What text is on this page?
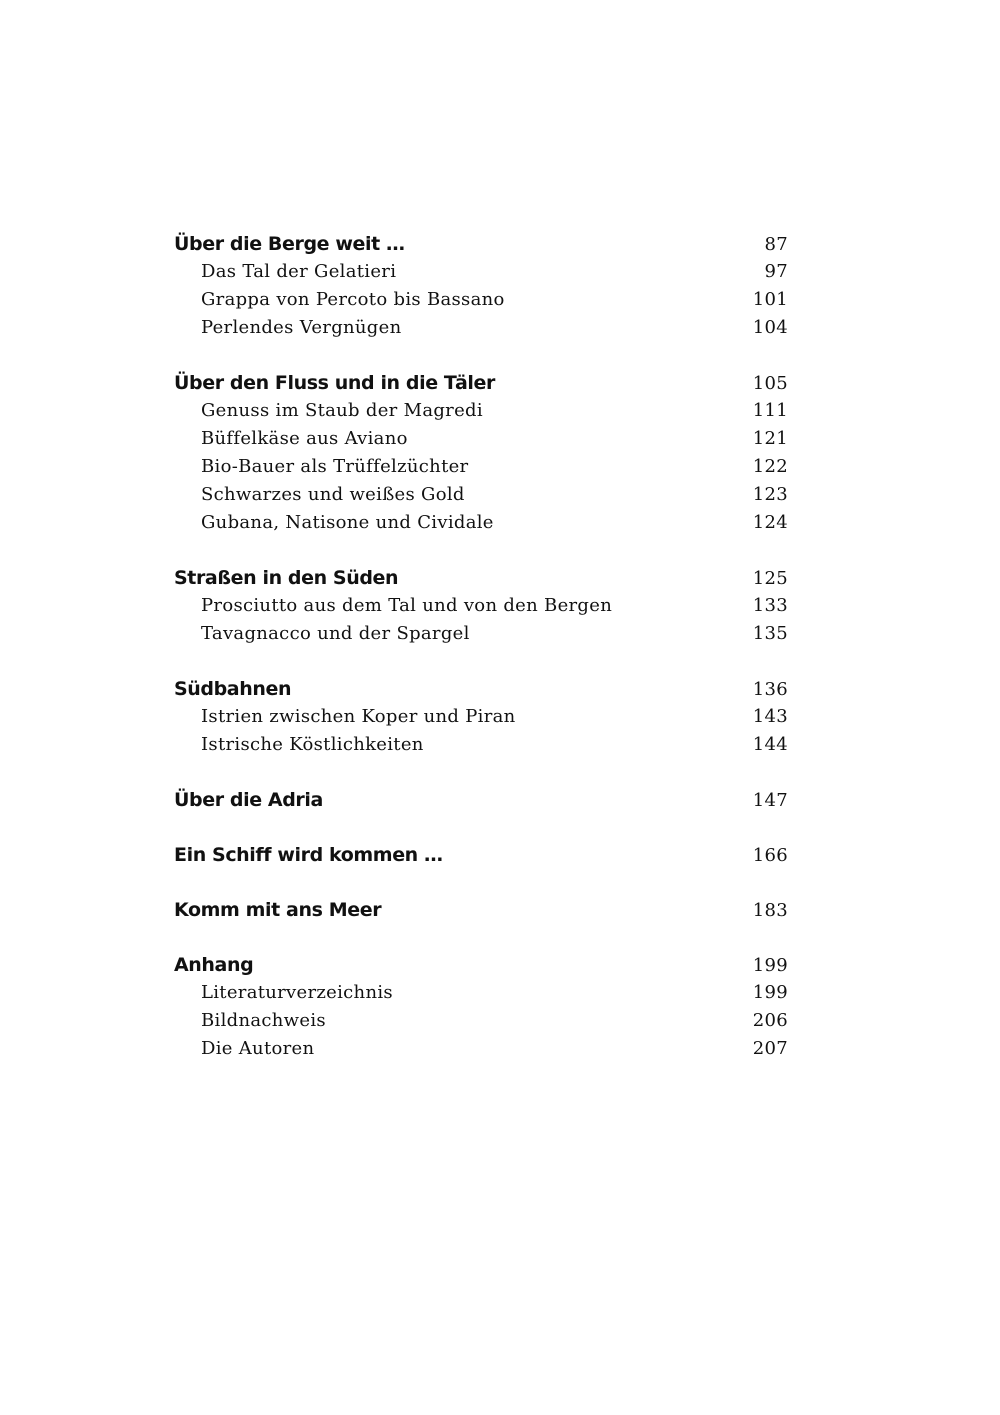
Über die Berge weit …	87
Das Tal der Gelatieri	97
Grappa von Percoto bis Bassano	101
Perlendes Vergnügen	104
Über den Fluss und in die Täler	105
Genuss im Staub der Magredi	111
Büffelkäse aus Aviano	121
Bio-Bauer als Trüffelzüchter	122
Schwarzes und weißes Gold	123
Gubana, Natisone und Cividale	124
Straßen in den Süden	125
Prosciutto aus dem Tal und von den Bergen	133
Tavagnacco und der Spargel	135
Südbahnen	136
Istrien zwischen Koper und Piran	143
Istrische Köstlichkeiten	144
Über die Adria	147
Ein Schiff wird kommen …	166
Komm mit ans Meer	183
Anhang	199
Literaturverzeichnis	199
Bildnachweis	206
Die Autoren	207
